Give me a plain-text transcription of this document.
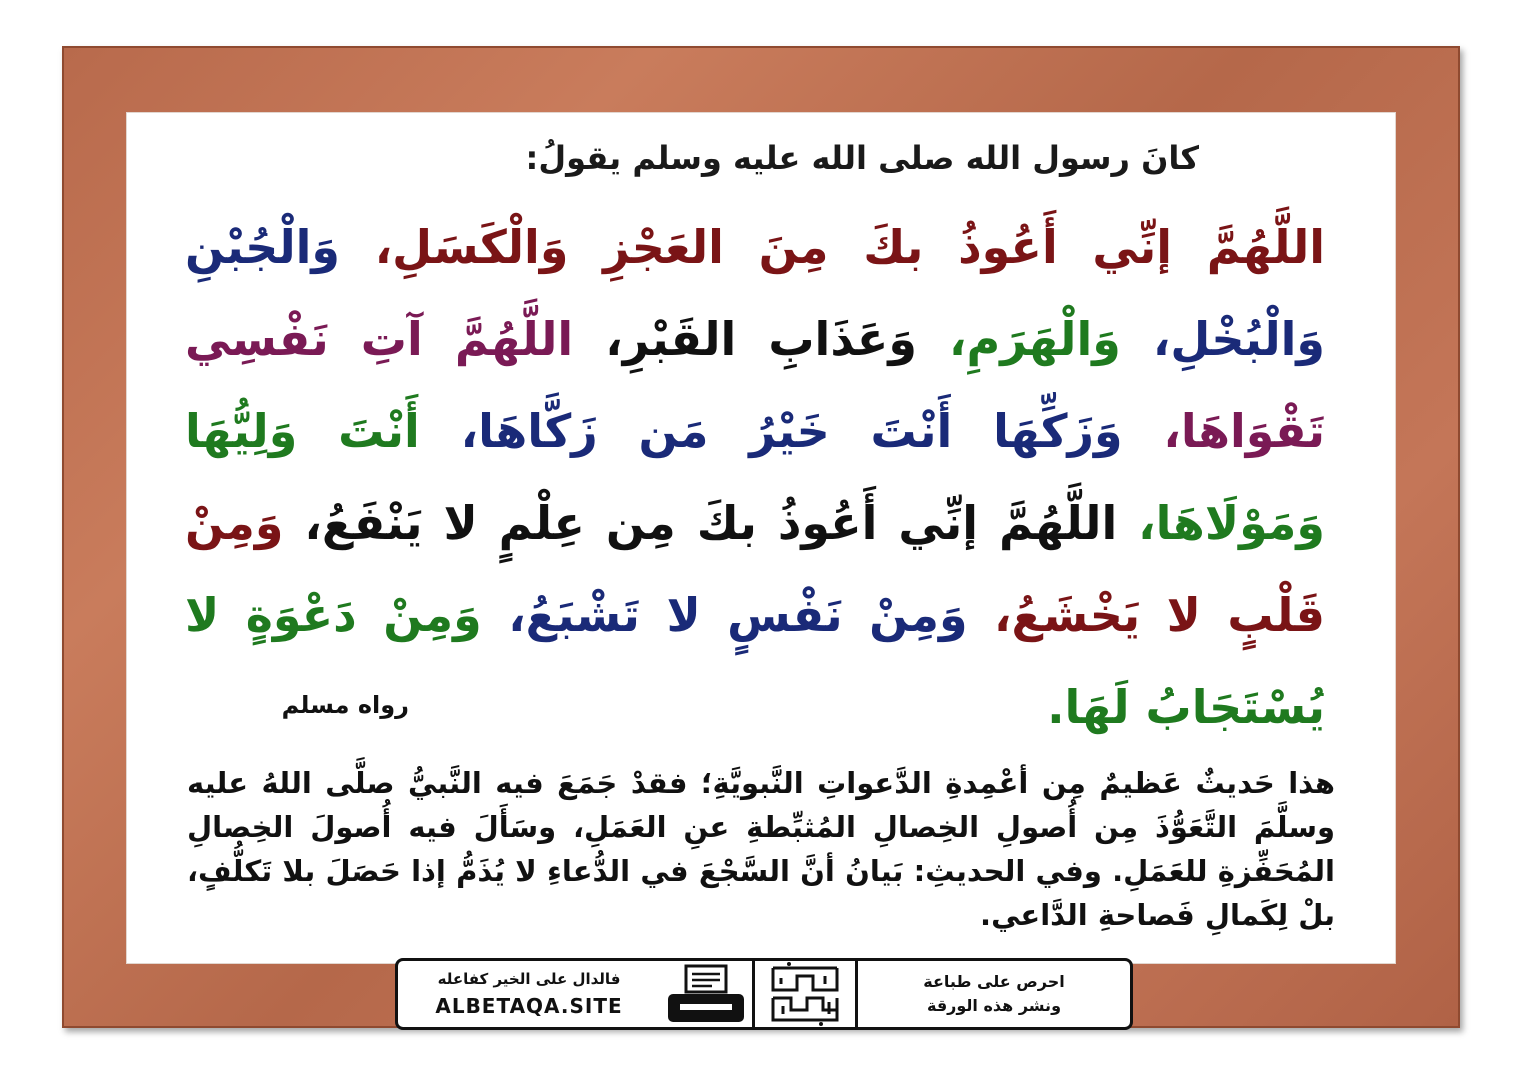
كانَ رسول الله صلى الله عليه وسلم يقولُ:
اللَّهُمَّ إنِّي أَعُوذُ بكَ مِنَ العَجْزِ وَالْكَسَلِ، وَالْجُبْنِ وَالْبُخْلِ، وَالْهَرَمِ، وَعَذَابِ القَبْرِ، اللَّهُمَّ آتِ نَفْسِي تَقْوَاهَا، وَزَكِّهَا أَنْتَ خَيْرُ مَن زَكَّاهَا، أَنْتَ وَلِيُّهَا وَمَوْلَاهَا، اللَّهُمَّ إنِّي أَعُوذُ بكَ مِن عِلْمٍ لا يَنْفَعُ، وَمِنْ قَلْبٍ لا يَخْشَعُ، وَمِنْ نَفْسٍ لا تَشْبَعُ، وَمِنْ دَعْوَةٍ لا يُسْتَجَابُ لَهَا.
رواه مسلم
هذا حَديثٌ عَظيمٌ مِن أعْمِدةِ الدَّعواتِ النَّبويَّةِ؛ فقدْ جَمَعَ فيه النَّبيُّ صلَّى اللهُ عليه وسلَّمَ التَّعَوُّذَ مِن أُصولِ الخِصالِ المُثبِّطةِ عنِ العَمَلِ، وسَأَلَ فيه أُصولَ الخِصالِ المُحَفِّزةِ للعَمَلِ. وفي الحديثِ: بَيانُ أنَّ السَّجْعَ في الدُّعاءِ لا يُذَمُّ إذا حَصَلَ بلا تَكلُّفٍ، بلْ لِكَمالِ فَصاحةِ الدَّاعي.
فالدال على الخير كفاعله
ALBETAQA.SITE
احرص على طباعة
ونشر هذه الورقة
